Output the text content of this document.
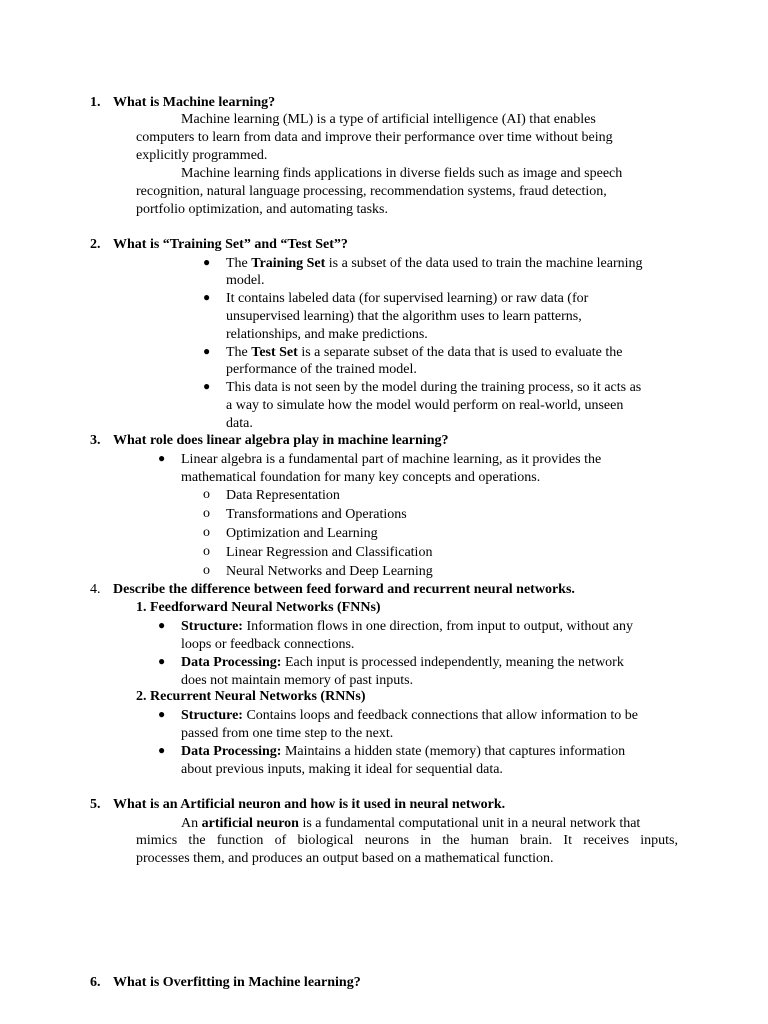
1. What is Machine learning?
Machine learning (ML) is a type of artificial intelligence (AI) that enables
computers to learn from data and improve their performance over time without being
explicitly programmed.
Machine learning finds applications in diverse fields such as image and speech
recognition, natural language processing, recommendation systems, fraud detection,
portfolio optimization, and automating tasks.
2. What is “Training Set” and “Test Set”?
● The Training Set is a subset of the data used to train the machine learning
model.
● It contains labeled data (for supervised learning) or raw data (for
unsupervised learning) that the algorithm uses to learn patterns,
relationships, and make predictions.
● The Test Set is a separate subset of the data that is used to evaluate the
performance of the trained model.
● This data is not seen by the model during the training process, so it acts as
a way to simulate how the model would perform on real-world, unseen
data.
3. What role does linear algebra play in machine learning?
● Linear algebra is a fundamental part of machine learning, as it provides the
mathematical foundation for many key concepts and operations.
o Data Representation
o Transformations and Operations
o Optimization and Learning
o Linear Regression and Classification
o Neural Networks and Deep Learning
4. Describe the difference between feed forward and recurrent neural networks.
1. Feedforward Neural Networks (FNNs)
● Structure: Information flows in one direction, from input to output, without any
loops or feedback connections.
● Data Processing: Each input is processed independently, meaning the network
does not maintain memory of past inputs.
2. Recurrent Neural Networks (RNNs)
● Structure: Contains loops and feedback connections that allow information to be
passed from one time step to the next.
● Data Processing: Maintains a hidden state (memory) that captures information
about previous inputs, making it ideal for sequential data.
5. What is an Artificial neuron and how is it used in neural network.
An artificial neuron is a fundamental computational unit in a neural network that
mimics the function of biological neurons in the human brain. It receives inputs,
processes them, and produces an output based on a mathematical function.
6. What is Overfitting in Machine learning?
